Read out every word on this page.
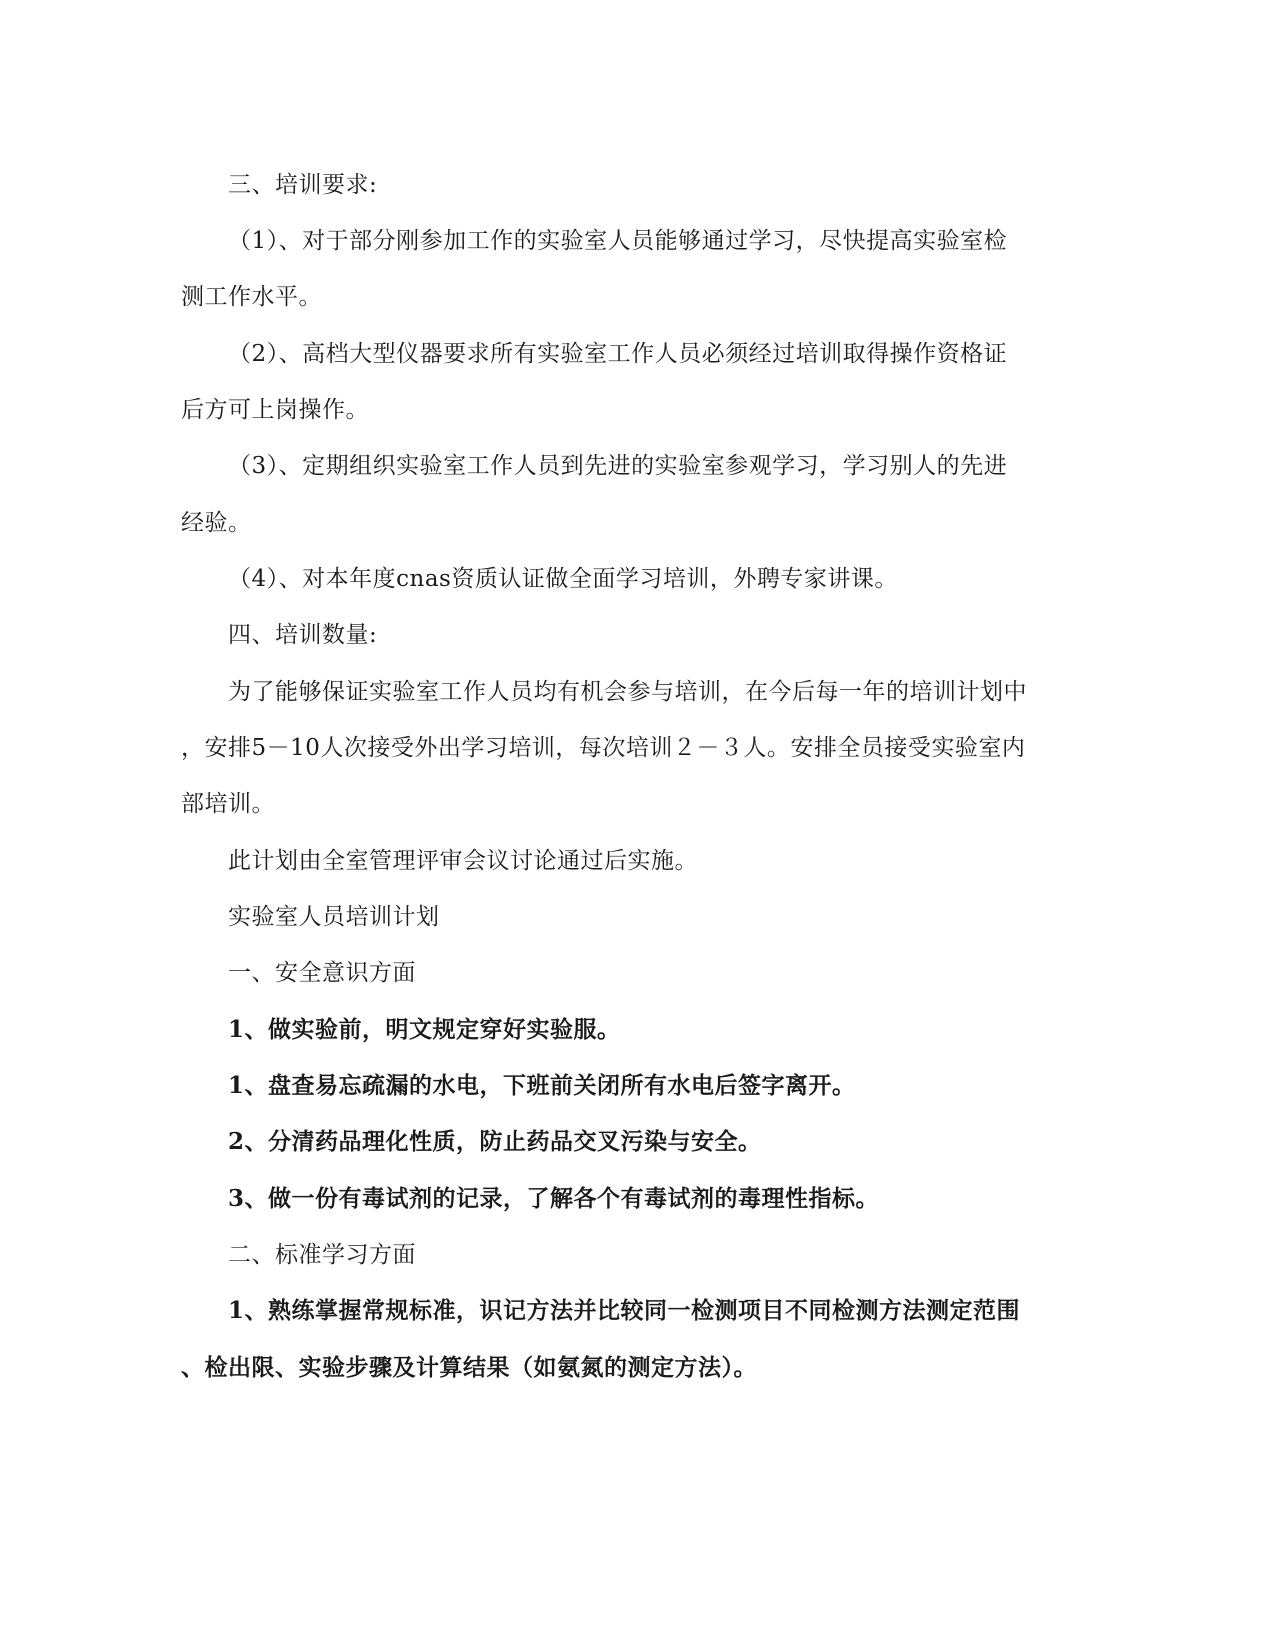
三、培训要求:
（1）、对于部分刚参加工作的实验室人员能够通过学习，尽快提高实验室检
测工作水平。
（2）、高档大型仪器要求所有实验室工作人员必须经过培训取得操作资格证
后方可上岗操作。
（3）、定期组织实验室工作人员到先进的实验室参观学习，学习别人的先进
经验。
（4）、对本年度cnas资质认证做全面学习培训，外聘专家讲课。
四、培训数量:
为了能够保证实验室工作人员均有机会参与培训，在今后每一年的培训计划中
，安排5－10人次接受外出学习培训，每次培训２－３人。安排全员接受实验室内
部培训。
此计划由全室管理评审会议讨论通过后实施。
实验室人员培训计划
一、安全意识方面
1、做实验前，明文规定穿好实验服。
1、盘查易忘疏漏的水电，下班前关闭所有水电后签字离开。
2、分清药品理化性质，防止药品交叉污染与安全。
3、做一份有毒试剂的记录，了解各个有毒试剂的毒理性指标。
二、标准学习方面
1、熟练掌握常规标准，识记方法并比较同一检测项目不同检测方法测定范围
、检出限、实验步骤及计算结果（如氨氮的测定方法）。
